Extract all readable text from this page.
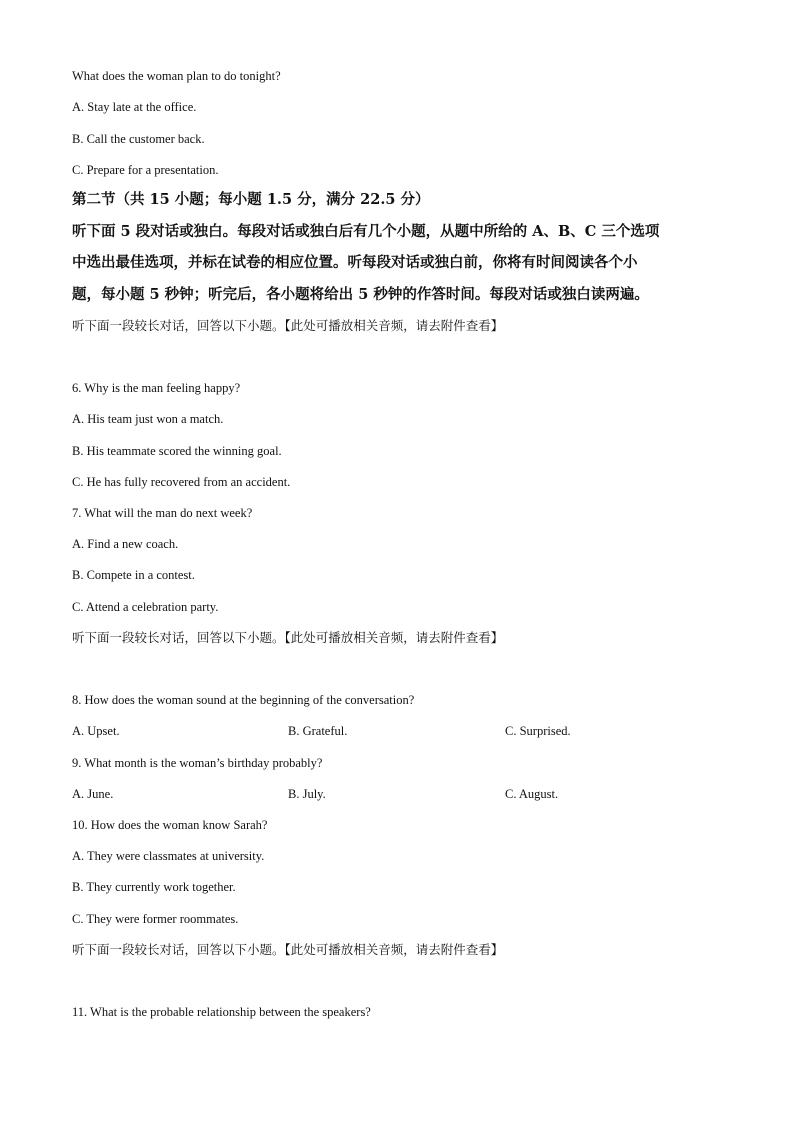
What does the woman plan to do tonight?
A. Stay late at the office.
B. Call the customer back.
C. Prepare for a presentation.
第二节（共 15 小题；每小题 1.5 分，满分 22.5 分）
听下面 5 段对话或独白。每段对话或独白后有几个小题，从题中所给的 A、B、C 三个选项
中选出最佳选项，并标在试卷的相应位置。听每段对话或独白前，你将有时间阅读各个小
题，每小题 5 秒钟；听完后，各小题将给出 5 秒钟的作答时间。每段对话或独白读两遍。
听下面一段较长对话，回答以下小题。【此处可播放相关音频，请去附件查看】
6. Why is the man feeling happy?
A. His team just won a match.
B. His teammate scored the winning goal.
C. He has fully recovered from an accident.
7. What will the man do next week?
A. Find a new coach.
B. Compete in a contest.
C. Attend a celebration party.
听下面一段较长对话，回答以下小题。【此处可播放相关音频，请去附件查看】
8. How does the woman sound at the beginning of the conversation?
A. Upset.	B. Grateful.	C. Surprised.
9. What month is the woman’s birthday probably?
A. June.	B. July.	C. August.
10. How does the woman know Sarah?
A. They were classmates at university.
B. They currently work together.
C. They were former roommates.
听下面一段较长对话，回答以下小题。【此处可播放相关音频，请去附件查看】
11. What is the probable relationship between the speakers?
